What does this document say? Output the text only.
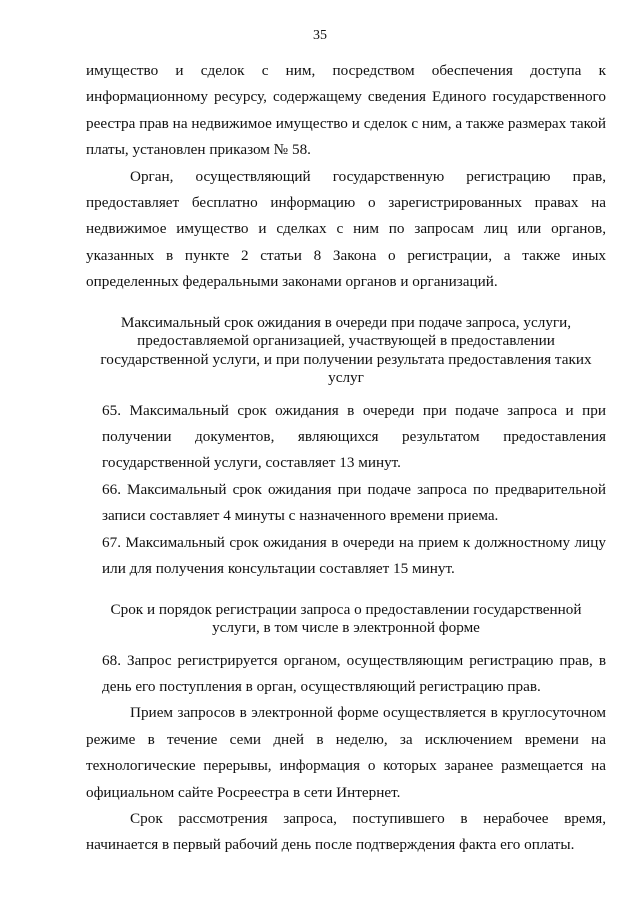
35

имущество и сделок с ним, посредством обеспечения доступа к информационному ресурсу, содержащему сведения Единого государственного реестра прав на недвижимое имущество и сделок с ним, а также размерах такой платы, установлен приказом № 58.

Орган, осуществляющий государственную регистрацию прав, предоставляет бесплатно информацию о зарегистрированных правах на недвижимое имущество и сделках с ним по запросам лиц или органов, указанных в пункте 2 статьи 8 Закона о регистрации, а также иных определенных федеральными законами органов и организаций.

Максимальный срок ожидания в очереди при подаче запроса, услуги, предоставляемой организацией, участвующей в предоставлении государственной услуги, и при получении результата предоставления таких услуг

65. Максимальный срок ожидания в очереди при подаче запроса и при получении документов, являющихся результатом предоставления государственной услуги, составляет 13 минут.

66. Максимальный срок ожидания при подаче запроса по предварительной записи составляет 4 минуты с назначенного времени приема.

67. Максимальный срок ожидания в очереди на прием к должностному лицу или для получения консультации составляет 15 минут.

Срок и порядок регистрации запроса о предоставлении государственной услуги, в том числе в электронной форме

68. Запрос регистрируется органом, осуществляющим регистрацию прав, в день его поступления в орган, осуществляющий регистрацию прав.

Прием запросов в электронной форме осуществляется в круглосуточном режиме в течение семи дней в неделю, за исключением времени на технологические перерывы, информация о которых заранее размещается на официальном сайте Росреестра в сети Интернет.

Срок рассмотрения запроса, поступившего в нерабочее время, начинается в первый рабочий день после подтверждения факта его оплаты.
